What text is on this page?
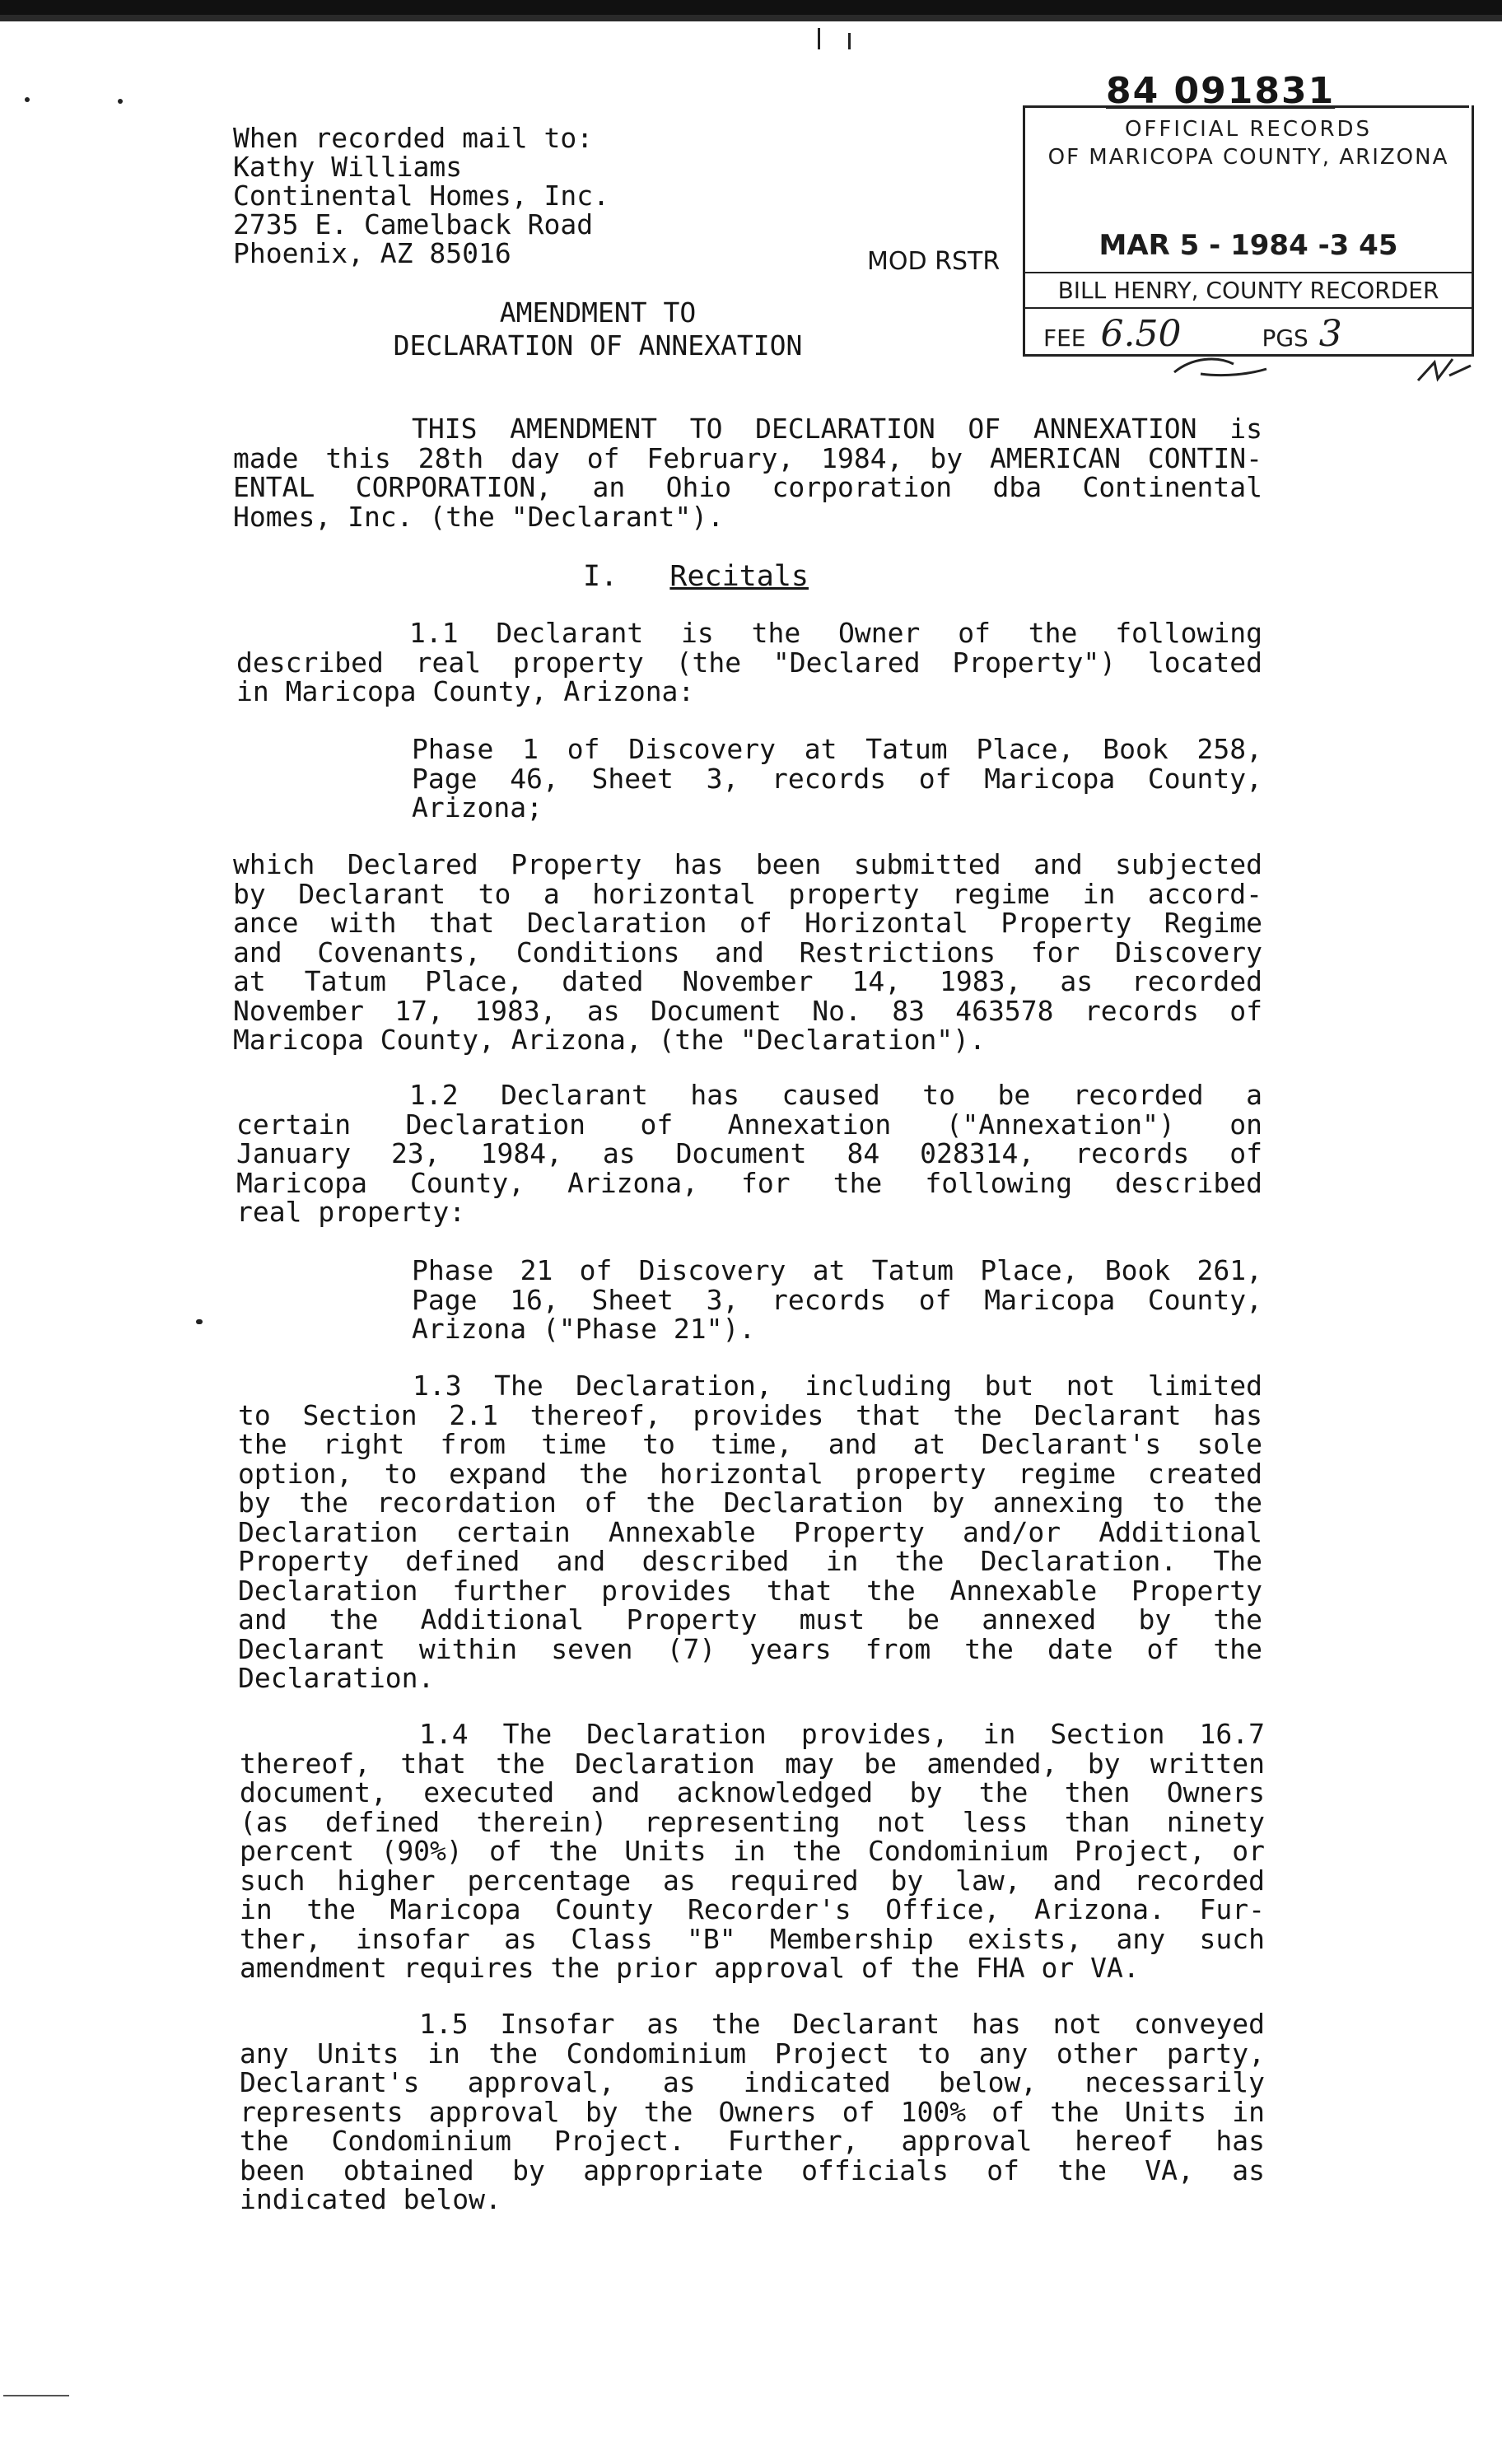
When recorded mail to:
Kathy Williams
Continental Homes, Inc.
2735 E. Camelback Road
Phoenix, AZ 85016
84 091831
OFFICIAL RECORDS
OF MARICOPA COUNTY, ARIZONA
MAR 5 - 1984 -3 45
BILL HENRY, COUNTY RECORDER
FEE 6.50	PGS 3
MOD RSTR
AMENDMENT TO
DECLARATION OF ANNEXATION
THIS AMENDMENT TO DECLARATION OF ANNEXATION is
made this 28th day of February, 1984, by AMERICAN CONTIN-
ENTAL CORPORATION, an Ohio corporation dba Continental
Homes, Inc. (the "Declarant").
I. Recitals
1.1 Declarant is the Owner of the following
described real property (the "Declared Property") located
in Maricopa County, Arizona:
Phase 1 of Discovery at Tatum Place, Book 258,
Page 46, Sheet 3, records of Maricopa County,
Arizona;
which Declared Property has been submitted and subjected
by Declarant to a horizontal property regime in accord-
ance with that Declaration of Horizontal Property Regime
and Covenants, Conditions and Restrictions for Discovery
at Tatum Place, dated November 14, 1983, as recorded
November 17, 1983, as Document No. 83 463578 records of
Maricopa County, Arizona, (the "Declaration").
1.2 Declarant has caused to be recorded a
certain Declaration of Annexation ("Annexation") on
January 23, 1984, as Document 84 028314, records of
Maricopa County, Arizona, for the following described
real property:
Phase 21 of Discovery at Tatum Place, Book 261,
Page 16, Sheet 3, records of Maricopa County,
Arizona ("Phase 21").
1.3 The Declaration, including but not limited
to Section 2.1 thereof, provides that the Declarant has
the right from time to time, and at Declarant's sole
option, to expand the horizontal property regime created
by the recordation of the Declaration by annexing to the
Declaration certain Annexable Property and/or Additional
Property defined and described in the Declaration. The
Declaration further provides that the Annexable Property
and the Additional Property must be annexed by the
Declarant within seven (7) years from the date of the
Declaration.
1.4 The Declaration provides, in Section 16.7
thereof, that the Declaration may be amended, by written
document, executed and acknowledged by the then Owners
(as defined therein) representing not less than ninety
percent (90%) of the Units in the Condominium Project, or
such higher percentage as required by law, and recorded
in the Maricopa County Recorder's Office, Arizona. Fur-
ther, insofar as Class "B" Membership exists, any such
amendment requires the prior approval of the FHA or VA.
1.5 Insofar as the Declarant has not conveyed
any Units in the Condominium Project to any other party,
Declarant's approval, as indicated below, necessarily
represents approval by the Owners of 100% of the Units in
the Condominium Project. Further, approval hereof has
been obtained by appropriate officials of the VA, as
indicated below.
